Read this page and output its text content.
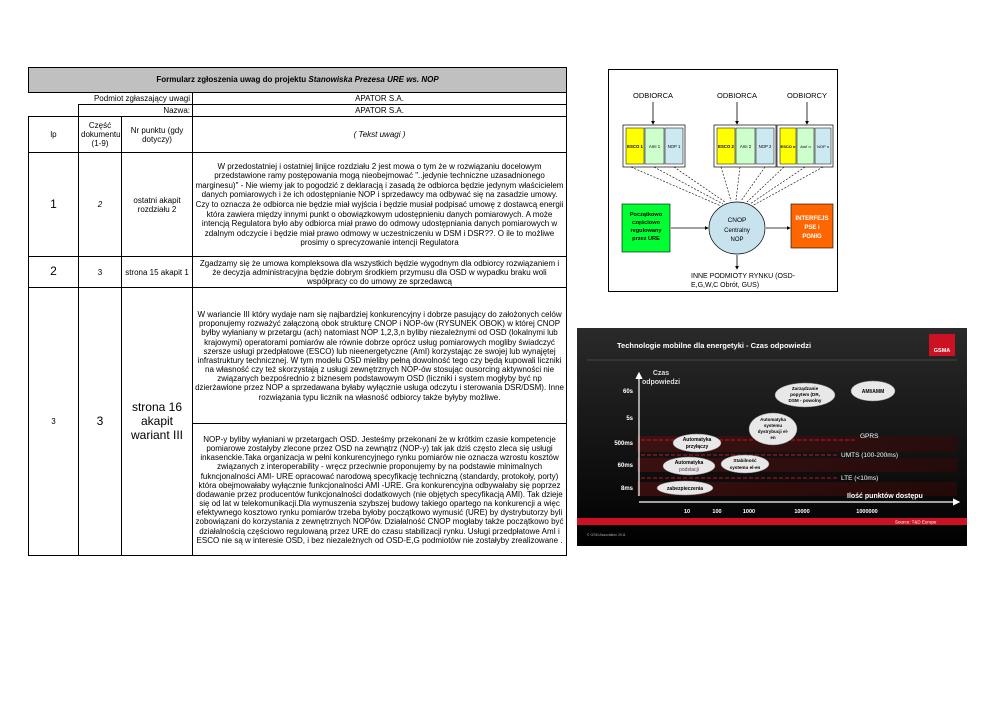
Formularz zgłoszenia uwag do projektu Stanowiska Prezesa URE ws. NOP			
	Podmiot zgłaszający uwagi		APATOR S.A.
	Nazwa:		APATOR S.A.
lp	Część dokumentu (1-9)	Nr punktu (gdy dotyczy)	( Tekst uwagi )
1	2	ostatni akapit rozdziału 2	W przedostatniej i ostatniej linijce rozdziału 2 jest mowa o tym że w rozwiązaniu docelowym przedstawione ramy postępowania mogą nieobejmować "..jedynie techniczne uzasadnionego marginesu)" - Nie wiemy jak to pogodzić z deklaracją i zasadą że odbiorca będzie jedynym właścicielem danych pomiarowych i że ich odostępnianie NOP i sprzedawcy ma odbywać się na zasadzie umowy. Czy to oznacza że odbiorca nie będzie miał wyjścia i będzie musiał podpisać umowę z dostawcą energii która zawiera między innymi punkt o obowiązkowym udostępnieniu danych pomiarowych. A może intencją Regulatora było aby odbiorca miał prawo do odmowy udostępniania danych pomiarowych w zdalnym odczycie i będzie miał prawo odmowy w uczestniczeniu w DSM i DSR??. O ile to możliwe prosimy o sprecyzowanie intencji Regulatora
2	3	strona 15 akapit 1	Zgadzamy się że umowa kompleksowa dla wszystkich będzie wygodnym dla odbiorcy rozwiązaniem i że decyzja administracyjna będzie dobrym środkiem przymusu dla OSD w wypadku braku woli współpracy co do umowy ze sprzedawcą
3	3	strona 16 akapit wariant III	W wariancie III który wydaje nam się najbardziej konkurencyjny i dobrze pasujący do założonych celów proponujemy rozważyć załączoną obok strukturę CNOP i NOP-ów (RYSUNEK OBOK) w której CNOP byłby wyłaniany w przetargu (ach) natomiast NOP 1,2,3,n byliby niezależnymi od OSD (lokalnymi lub krajowymi) operatorami pomiarów ale równie dobrze oprócz usług pomiarowych mogliby świadczyć szersze usługi przedpłatowe (ESCO) lub nieenergetyczne (AmI) korzystając ze swojej lub wynajętej infrastruktury technicznej. W tym modelu OSD mieliby pełną dowolność tego czy będą kupowali liczniki na własność czy też skorzystają z usługi zewnętrznych NOP-ów stosując ousorcing aktywności nie związanych bezpośrednio z biznesem podstawowym OSD (liczniki i system mogłyby być np dzierżawione przez NOP a sprzedawana byłaby wyłącznie usługa odczytu i sterowania DSR/DSM). Inne rozwiązania typu licznik na własność odbiorcy także byłyby możliwe.
			NOP-y byliby wyłaniani w przetargach OSD. Jesteśmy przekonani że w krótkim czasie kompetencje pomiarowe zostałyby zlecone przez OSD na zewnątrz (NOP-y) tak jak dziś często zleca się usługi inkasenckie.Taka organizacja w pełni konkurencyjnego rynku pomiarów nie oznacza wzrostu kosztów związanych z interoperability - wręcz przeciwnie proponujemy by na podstawie minimalnych fukncjonalności AMI- URE opracować narodową specyfikację techniczną (standardy, protokoły, porty) która obejmowałaby wyłącznie funkcjonalności AMI -URE. Gra konkurencyjna odbywałaby się poprzez dodawanie przez producentów funkcjonalności dodatkowych (nie objętych specyfikacją AMI). Tak dzieje się od lat w telekomunikacji.Dla wymuszenia szybszej budowy takiego opartego na konkurencji a więc efektywnego kosztowo rynku pomiarów trzeba byłoby początkowo wymusić (URE) by dystrybutorzy byli zobowiązani do korzystania z zewnętrznych NOPów. Działalność CNOP mogłaby także początkowo być działalnością częściowo regulowaną przez URE do czasu stabilizacji rynku. Usługi przedpłatowe AmI i ESCO nie są w interesie OSD, i bez niezależnych od OSD-E,G podmiotów nie zostałyby zrealizowane .
ODBIORCA	ODBIORCA	ODBIORCY
ESCO 1 AmI 1 NOP 1	ESCO 2 AmI 2 NOP 2 ESCO n AmI n NOP n
Początkowo
częściowo
regulowany
przez URE
CNOP
Centralny
NOP
INTERFEJS
PSE i
PGNIG
INNE PODMIOTY RYNKU (OSD-
E,G,W,C Obrót, GUS)
Technologie mobilne dla energetyki - Czas odpowiedzi
GSMA
Czas
odpowiedzi
60s
5s
500ms
60ms
8ms
Ilość punktów dostępu
10	100	1000	10000	1000000
GPRS
UMTS (100-200ms)
LTE (<10ms)
Zarządzanie
popytem (DR,
DSM - powolny
AMI/AMM
Automatyka
systemu
dystrybucji el-
en
Automatyka
przyłączy
Automatyka
podstacji
Stabilność
systemu el-en
zabezpieczenia
Source: T&D Europe
© GSM Association 2011
